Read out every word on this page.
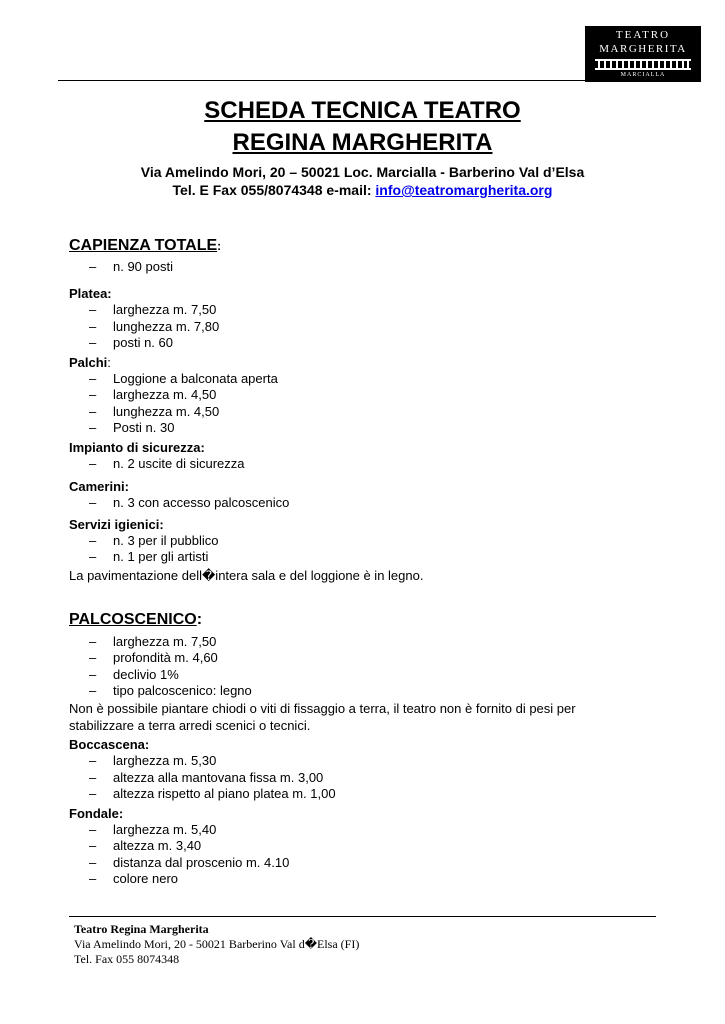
TEATRO
MARGHERITA
MARCIALLA
SCHEDA TECNICA TEATRO
REGINA MARGHERITA
Via Amelindo Mori, 20 – 50021 Loc. Marcialla - Barberino Val d’Elsa
Tel. E Fax 055/8074348 e-mail: info@teatromargherita.org
CAPIENZA TOTALE:
– n. 90 posti
Platea:
– larghezza m. 7,50
– lunghezza m. 7,80
– posti n. 60
Palchi:
– Loggione a balconata aperta
– larghezza m. 4,50
– lunghezza m. 4,50
– Posti n. 30
Impianto di sicurezza:
– n. 2 uscite di sicurezza
Camerini:
– n. 3 con accesso palcoscenico
Servizi igienici:
– n. 3 per il pubblico
– n. 1 per gli artisti

La pavimentazione dell�intera sala e del loggione è in legno.

PALCOSCENICO:
– larghezza m. 7,50
– profondità m. 4,60
– declivio 1%
– tipo palcoscenico: legno

Non è possibile piantare chiodi o viti di fissaggio a terra, il teatro non è fornito di pesi per stabilizzare a terra arredi scenici o tecnici.

Boccascena:
– larghezza m. 5,30
– altezza alla mantovana fissa m. 3,00
– altezza rispetto al piano platea m. 1,00
Fondale:
– larghezza m. 5,40
– altezza m. 3,40
– distanza dal proscenio m. 4.10
– colore nero
Teatro Regina Margherita
Via Amelindo Mori, 20 - 50021 Barberino Val d�Elsa (FI)
Tel. Fax 055 8074348
